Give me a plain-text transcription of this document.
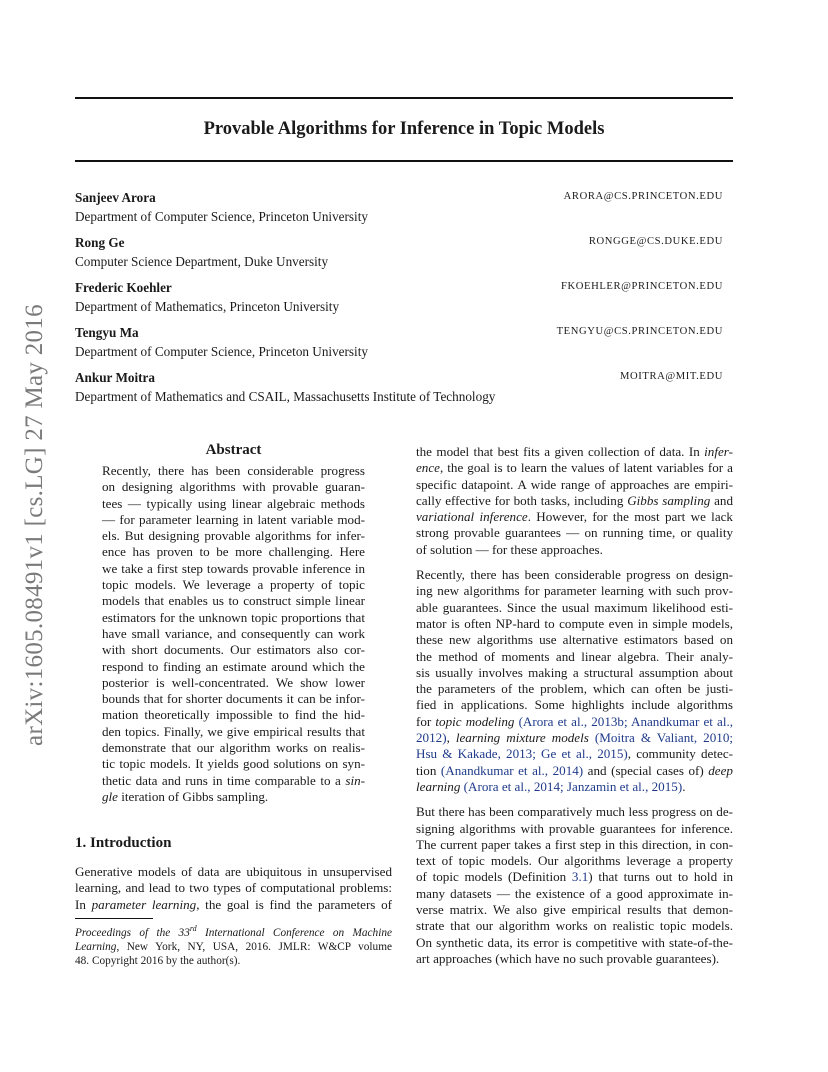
arXiv:1605.08491v1 [cs.LG] 27 May 2016
Provable Algorithms for Inference in Topic Models
Sanjeev Arora	ARORA@CS.PRINCETON.EDU
Department of Computer Science, Princeton University
Rong Ge	RONGGE@CS.DUKE.EDU
Computer Science Department, Duke Unversity
Frederic Koehler	FKOEHLER@PRINCETON.EDU
Department of Mathematics, Princeton University
Tengyu Ma	TENGYU@CS.PRINCETON.EDU
Department of Computer Science, Princeton University
Ankur Moitra	MOITRA@MIT.EDU
Department of Mathematics and CSAIL, Massachusetts Institute of Technology
Abstract
Recently, there has been considerable progress
on designing algorithms with provable guaran-
tees — typically using linear algebraic methods
— for parameter learning in latent variable mod-
els. But designing provable algorithms for infer-
ence has proven to be more challenging. Here
we take a first step towards provable inference in
topic models. We leverage a property of topic
models that enables us to construct simple linear
estimators for the unknown topic proportions that
have small variance, and consequently can work
with short documents. Our estimators also cor-
respond to finding an estimate around which the
posterior is well-concentrated. We show lower
bounds that for shorter documents it can be infor-
mation theoretically impossible to find the hid-
den topics. Finally, we give empirical results that
demonstrate that our algorithm works on realis-
tic topic models. It yields good solutions on syn-
thetic data and runs in time comparable to a sin-
gle iteration of Gibbs sampling.
1. Introduction
Generative models of data are ubiquitous in unsupervised
learning, and lead to two types of computational problems:
In parameter learning, the goal is find the parameters of
Proceedings of the 33rd International Conference on Machine
Learning, New York, NY, USA, 2016. JMLR: W&CP volume
48. Copyright 2016 by the author(s).

the model that best fits a given collection of data. In infer-
ence, the goal is to learn the values of latent variables for a
specific datapoint. A wide range of approaches are empiri-
cally effective for both tasks, including Gibbs sampling and
variational inference. However, for the most part we lack
strong provable guarantees — on running time, or quality
of solution — for these approaches.

Recently, there has been considerable progress on design-
ing new algorithms for parameter learning with such prov-
able guarantees. Since the usual maximum likelihood esti-
mator is often NP-hard to compute even in simple models,
these new algorithms use alternative estimators based on
the method of moments and linear algebra. Their analy-
sis usually involves making a structural assumption about
the parameters of the problem, which can often be justi-
fied in applications. Some highlights include algorithms
for topic modeling (Arora et al., 2013b; Anandkumar et al.,
2012), learning mixture models (Moitra & Valiant, 2010;
Hsu & Kakade, 2013; Ge et al., 2015), community detec-
tion (Anandkumar et al., 2014) and (special cases of) deep
learning (Arora et al., 2014; Janzamin et al., 2015).

But there has been comparatively much less progress on de-
signing algorithms with provable guarantees for inference.
The current paper takes a first step in this direction, in con-
text of topic models. Our algorithms leverage a property
of topic models (Definition 3.1) that turns out to hold in
many datasets — the existence of a good approximate in-
verse matrix. We also give empirical results that demon-
strate that our algorithm works on realistic topic models.
On synthetic data, its error is competitive with state-of-the-
art approaches (which have no such provable guarantees).
